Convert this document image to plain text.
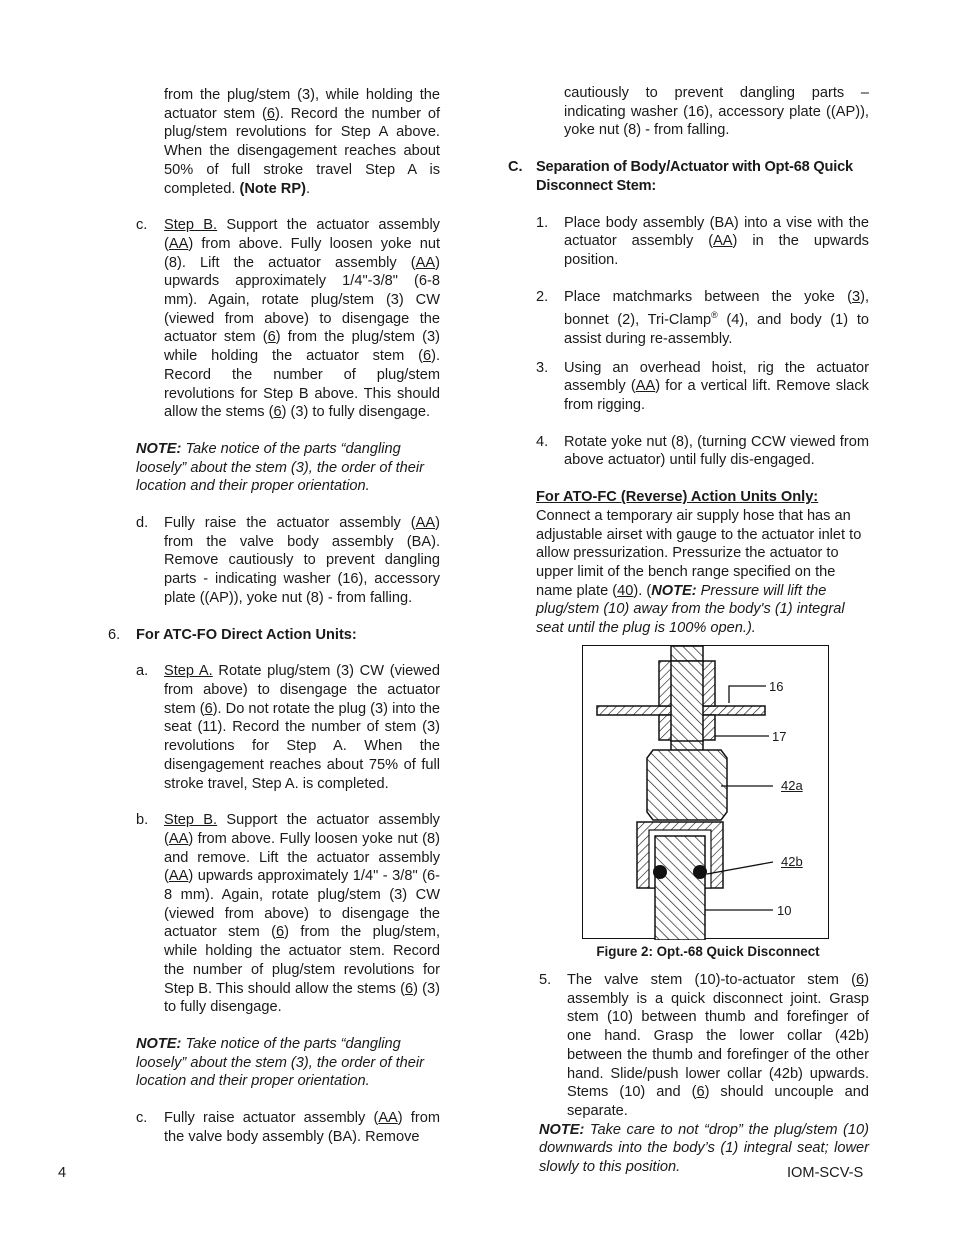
from the plug/stem (3), while holding the actuator stem (6). Record the number of plug/stem revolutions for Step A above. When the disengagement reaches about 50% of full stroke travel Step A is completed. (Note RP).

c. Step B. Support the actuator assembly (AA) from above. Fully loosen yoke nut (8). Lift the actuator assembly (AA) upwards approximately 1/4"-3/8" (6-8 mm). Again, rotate plug/stem (3) CW (viewed from above) to disengage the actuator stem (6) from the plug/stem (3) while holding the actuator stem (6). Record the number of plug/stem revolutions for Step B above. This should allow the stems (6) (3) to fully disengage.

NOTE: Take notice of the parts “dangling loosely” about the stem (3), the order of their location and their proper orientation.

d. Fully raise the actuator assembly (AA) from the valve body assembly (BA). Remove cautiously to prevent dangling parts - indicating washer (16), accessory plate ((AP)), yoke nut (8) - from falling.

6. For ATC-FO Direct Action Units:

a. Step A. Rotate plug/stem (3) CW (viewed from above) to disengage the actuator stem (6). Do not rotate the plug (3) into the seat (11). Record the number of stem (3) revolutions for Step A. When the disengagement reaches about 75% of full stroke travel, Step A. is completed.

b. Step B. Support the actuator assembly (AA) from above. Fully loosen yoke nut (8) and remove. Lift the actuator assembly (AA) upwards approximately 1/4" - 3/8" (6-8 mm). Again, rotate plug/stem (3) CW (viewed from above) to disengage the actuator stem (6) from the plug/stem, while holding the actuator stem. Record the number of plug/stem revolutions for Step B. This should allow the stems (6) (3) to fully disengage.

NOTE: Take notice of the parts “dangling loosely” about the stem (3), the order of their location and their proper orientation.

c. Fully raise actuator assembly (AA) from the valve body assembly (BA). Remove

cautiously to prevent dangling parts – indicating washer (16), accessory plate ((AP)), yoke nut (8) - from falling.

C. Separation of Body/Actuator with Opt-68 Quick Disconnect Stem:

1. Place body assembly (BA) into a vise with the actuator assembly (AA) in the upwards position.

2. Place matchmarks between the yoke (3), bonnet (2), Tri-Clamp® (4), and body (1) to assist during re-assembly.

3. Using an overhead hoist, rig the actuator assembly (AA) for a vertical lift. Remove slack from rigging.

4. Rotate yoke nut (8), (turning CCW viewed from above actuator) until fully dis-engaged.

For ATO-FC (Reverse) Action Units Only:

Connect a temporary air supply hose that has an adjustable airset with gauge to the actuator inlet to allow pressurization. Pressurize the actuator to upper limit of the bench range specified on the name plate (40). (NOTE: Pressure will lift the plug/stem (10) away from the body's (1) integral seat until the plug is 100% open.).

16
17
42a
42b
10
Figure 2: Opt.-68 Quick Disconnect

5. The valve stem (10)-to-actuator stem (6) assembly is a quick disconnect joint. Grasp stem (10) between thumb and forefinger of one hand. Grasp the lower collar (42b) between the thumb and forefinger of the other hand. Slide/push lower collar (42b) upwards. Stems (10) and (6) should uncouple and separate.

NOTE: Take care to not “drop” the plug/stem (10) downwards into the body’s (1) integral seat; lower slowly to this position.

4	IOM-SCV-S
